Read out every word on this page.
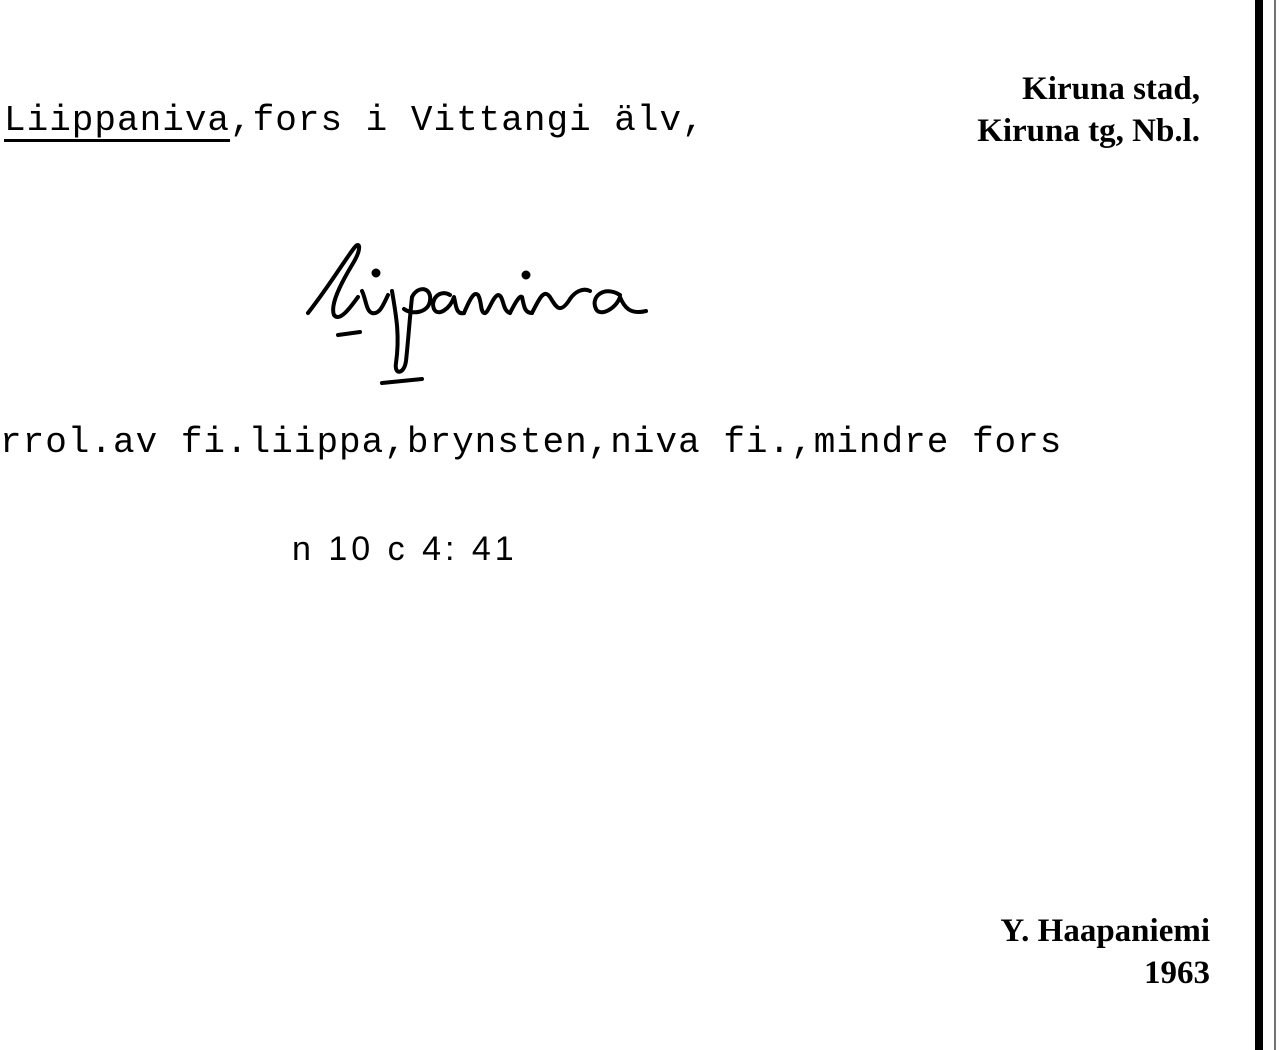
Liippaniva,fors i Vittangi älv,
Kiruna stad,
Kiruna tg, Nb.l.
rrol.av fi.liippa,brynsten,niva fi.,mindre fors
n 10 c 4: 41
Y. Haapaniemi
1963
